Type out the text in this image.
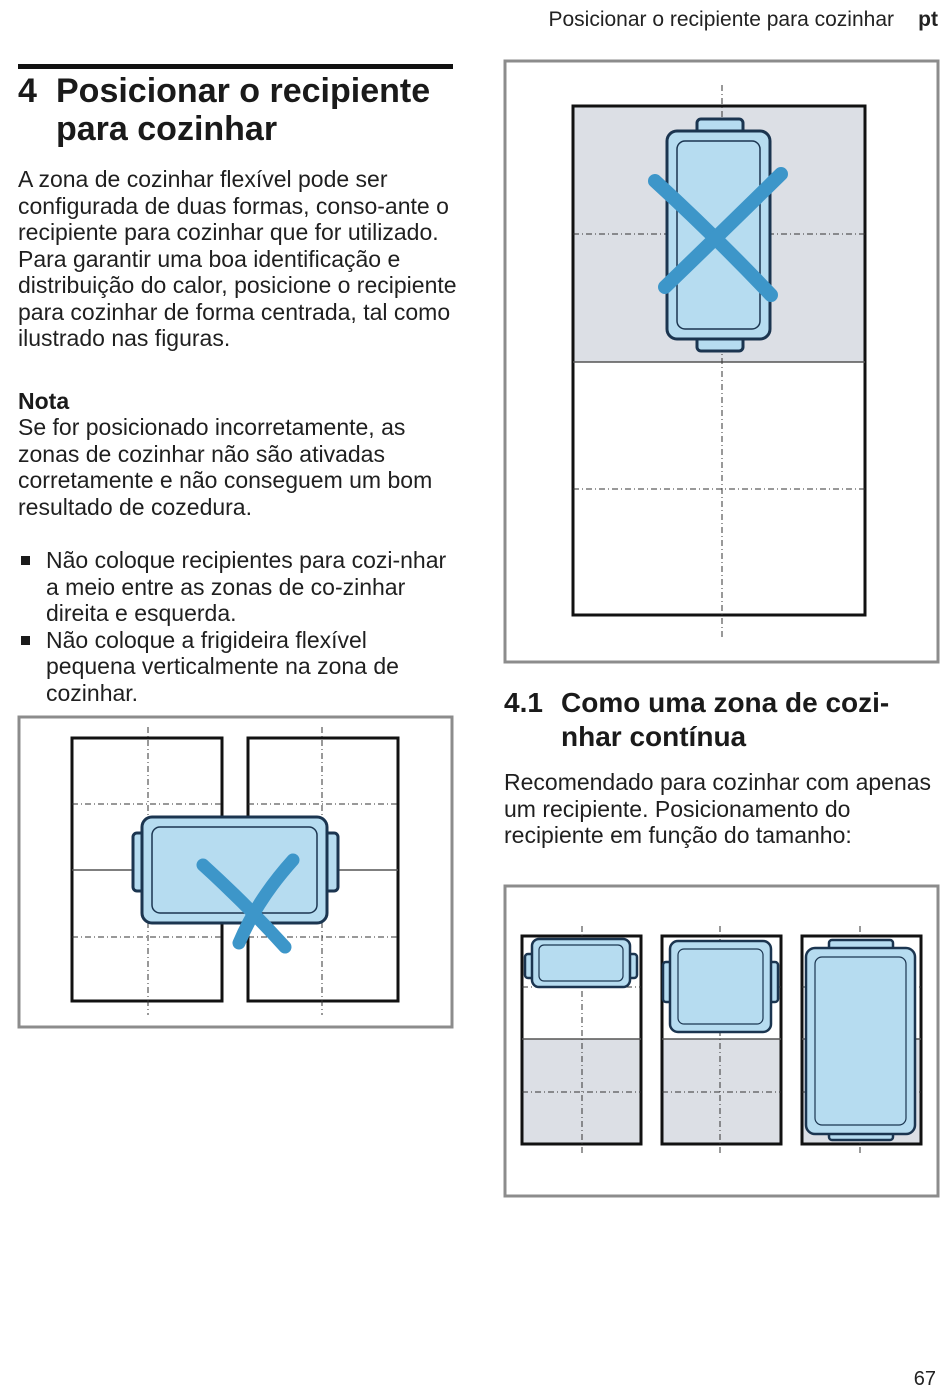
Posicionar o recipiente para cozinhar pt
4 Posicionar o recipiente para cozinhar
A zona de cozinhar flexível pode ser configurada de duas formas, conso-ante o recipiente para cozinhar que for utilizado. Para garantir uma boa identificação e distribuição do calor, posicione o recipiente para cozinhar de forma centrada, tal como ilustrado nas figuras.
Nota
Se for posicionado incorretamente, as zonas de cozinhar não são ativadas corretamente e não conseguem um bom resultado de cozedura.
Não coloque recipientes para cozi-nhar a meio entre as zonas de co-zinhar direita e esquerda.
Não coloque a frigideira flexível pequena verticalmente na zona de cozinhar.	4.1 Como uma zona de cozi-nhar contínua
Recomendado para cozinhar com apenas um recipiente. Posicionamento do recipiente em função do tamanho:
67
